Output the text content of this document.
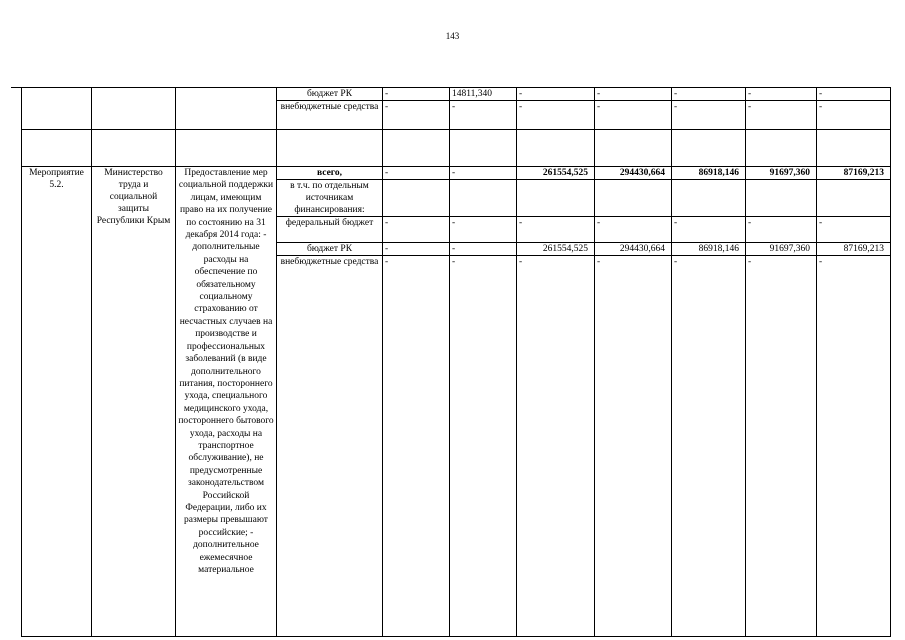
143
			бюджет РК	-	14811,340	-	-	-	-	-
			внебюджетные средства	-	-	-	-	-	-	-

Мероприятие 5.2.	Министерство труда и социальной защиты Республики Крым	Предоставление мер социальной поддержки лицам, имеющим право на их получение по состоянию на 31 декабря 2014 года: - дополнительные расходы на обеспечение по обязательному социальному страхованию от несчастных случаев на производстве и профессиональных заболеваний (в виде дополнительного питания, постороннего ухода, специального медицинского ухода, постороннего бытового ухода, расходы на транспортное обслуживание), не предусмотренные законодательством Российской Федерации, либо их размеры превышают российские; - дополнительное ежемесячное материальное	всего,	-	-	261554,525	294430,664	86918,146	91697,360	87169,213
			в т.ч. по отдельным источникам финансирования:							
			федеральный бюджет	-	-	-	-	-	-	-
			бюджет РК	-	-	261554,525	294430,664	86918,146	91697,360	87169,213
			внебюджетные средства	-	-	-	-	-	-	-
